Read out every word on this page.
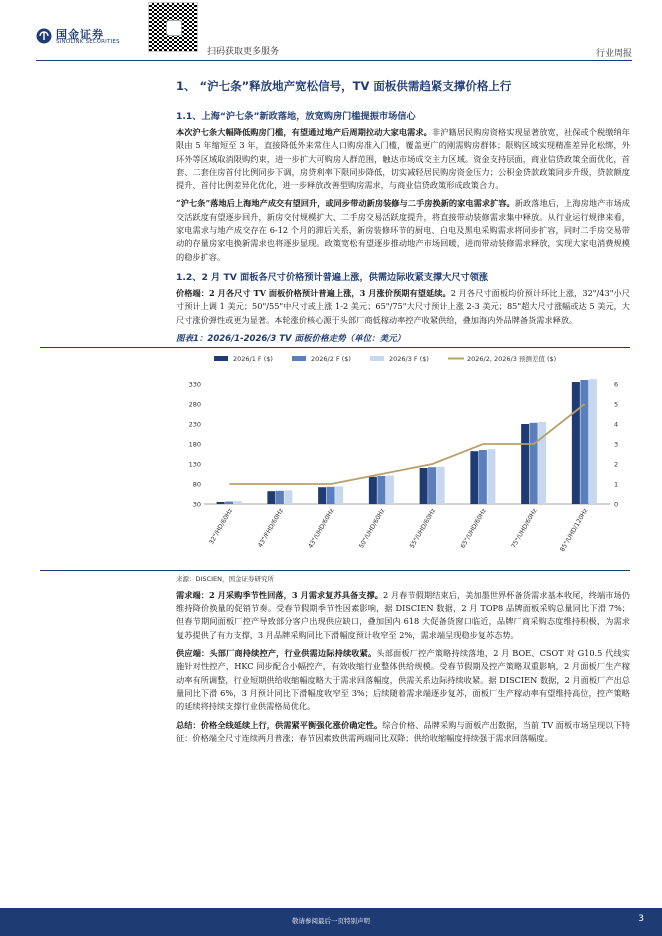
国金证券
SINOLINK SECURITIES
扫码获取更多服务	行业周报
1、 “沪七条”释放地产宽松信号，TV 面板供需趋紧支撑价格上行
1.1、上海“沪七条”新政落地，放宽购房门槛提振市场信心

本次沪七条大幅降低购房门槛，有望通过地产后周期拉动大家电需求。非沪籍居民购房资格实现显著放宽，社保或个税缴纳年限由 5 年缩短至 3 年，直接降低外来常住人口购房准入门槛，覆盖更广的刚需购房群体；限购区域实现精准差异化松绑，外环外等区域取消限购约束，进一步扩大可购房人群范围，触达市场成交主力区域。资金支持层面，商业信贷政策全面优化，首套、二套住房首付比例同步下调，房贷利率下限同步降低，切实减轻居民购房资金压力；公积金贷款政策同步升级，贷款额度提升、首付比例差异化优化，进一步释放改善型购房需求，与商业信贷政策形成政策合力。

“沪七条”落地后上海地产成交有望回升，或同步带动新房装修与二手房换新的家电需求扩容。新政落地后，上海房地产市场成交活跃度有望逐步回升，新房交付规模扩大、二手房交易活跃度提升，将直接带动装修需求集中释放。从行业运行规律来看，家电需求与地产成交存在 6-12 个月的滞后关系，新房装修环节的厨电、白电及黑电采购需求将同步扩容，同时二手房交易带动的存量房家电换新需求也将逐步显现。政策宽松有望逐步推动地产市场回暖，进而带动装修需求释放，实现大家电消费规模的稳步扩容。

1.2、2 月 TV 面板各尺寸价格预计普遍上涨，供需边际收紧支撑大尺寸领涨

价格端：2 月各尺寸 TV 面板价格预计普遍上涨，3 月涨价预期有望延续。2 月各尺寸面板均价预计环比上涨，32"/43"小尺寸预计上调 1 美元；50"/55"中尺寸或上涨 1-2 美元；65"/75"大尺寸预计上涨 2-3 美元；85"超大尺寸涨幅或达 5 美元，大尺寸涨价弹性或更为显著。本轮涨价核心源于头部厂商低稼动率控产收紧供给，叠加海内外品牌备货需求释放。

图表1：2026/1-2026/3 TV 面板价格走势（单位：美元）
2026/1 F ($)	2026/2 F ($)	2026/3 F ($)	2026/2, 2026/3 预测差值 ($)
30
80
130
180
230
280
330
0
1
2
3
4
5
6
32"/HD/60Hz	43"/FHD/60Hz	43"/UHD/60Hz	50"/UHD/60Hz	55"/UHD/60Hz	65"/UHD/60Hz	75"/UHD/60Hz	85"/UHD/120Hz
来源：DISCIEN，国金证券研究所

需求端：2 月采购季节性回落，3 月需求复苏具备支撑。2 月春节假期结束后，美加墨世界杯备货需求基本收尾，终端市场仍维持降价换量的促销节奏。受春节假期季节性因素影响，据 DISCIEN 数据，2 月 TOP8 品牌面板采购总量同比下滑 7%；但春节期间面板厂控产导致部分客户出现供应缺口，叠加国内 618 大促备货窗口临近，品牌厂商采购态度维持积极，为需求复苏提供了有力支撑，3 月品牌采购同比下滑幅度预计收窄至 2%，需求端呈现稳步复苏态势。

供应端：头部厂商持续控产，行业供需边际持续收紧。头部面板厂控产策略持续落地，2 月 BOE、CSOT 对 G10.5 代线实施针对性控产，HKC 同步配合小幅控产，有效收缩行业整体供给规模。受春节假期及控产策略双重影响，2 月面板厂生产稼动率有所调整，行业短期供给收缩幅度略大于需求回落幅度，供需关系边际持续收紧。据 DISCIEN 数据，2 月面板厂产出总量同比下滑 6%，3 月预计同比下滑幅度收窄至 3%；后续随着需求端逐步复苏，面板厂生产稼动率有望维持高位，控产策略的延续将持续支撑行业供需格局优化。

总结：价格全线延续上行，供需紧平衡强化涨价确定性。综合价格、品牌采购与面板产出数据，当前 TV 面板市场呈现以下特征：价格端全尺寸连续两月普涨；春节因素致供需两端同比双降；供给收缩幅度持续强于需求回落幅度。

敬请参阅最后一页特别声明	3
